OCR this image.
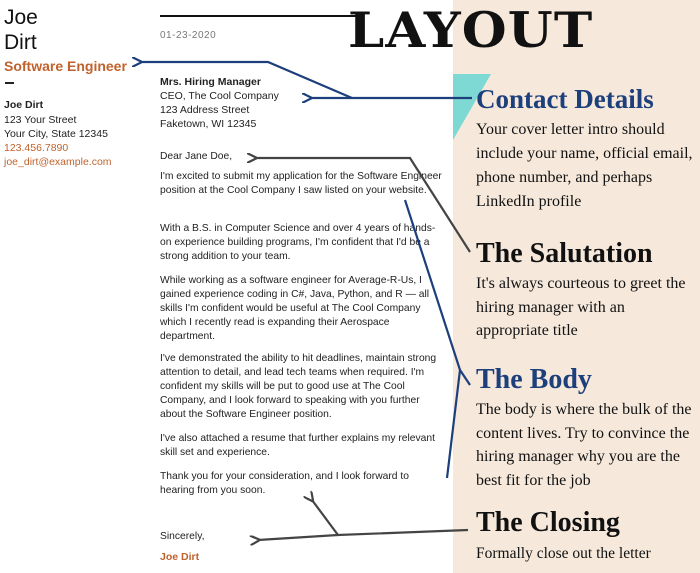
Joe
Dirt
Software Engineer
Joe Dirt
123 Your Street
Your City, State 12345
123.456.7890
joe_dirt@example.com
01-23-2020
Mrs. Hiring Manager
CEO, The Cool Company
123 Address Street
Faketown, WI 12345
Dear Jane Doe,
I'm excited to submit my application for the Software Engineer position at the Cool Company I saw listed on your website.
With a B.S. in Computer Science and over 4 years of hands-on experience building programs, I'm confident that I'd be a strong addition to your team.
While working as a software engineer for Average-R-Us, I gained experience coding in C#, Java, Python, and R — all skills I'm confident would be useful at The Cool Company which I recently read is expanding their Aerospace department.
I've demonstrated the ability to hit deadlines, maintain strong attention to detail, and lead tech teams when required. I'm confident my skills will be put to good use at The Cool Company, and I look forward to speaking with you further about the Software Engineer position.
I've also attached a resume that further explains my relevant skill set and experience.
Thank you for your consideration, and I look forward to hearing from you soon.
Sincerely,
Joe Dirt
LAYOUT
Contact Details
Your cover letter intro should include your name, official email, phone number, and perhaps LinkedIn profile
The Salutation
It's always courteous to greet the hiring manager with an appropriate title
The Body
The body is where the bulk of the content lives. Try to convince the hiring manager why you are the best fit for the job
The Closing
Formally close out the letter
